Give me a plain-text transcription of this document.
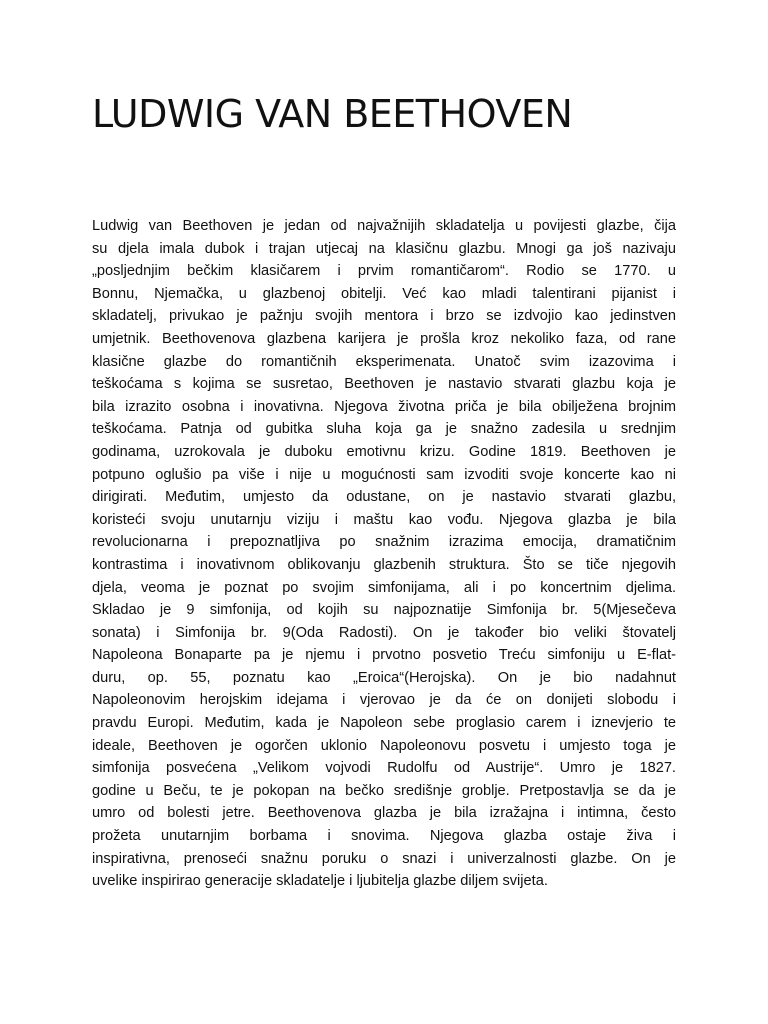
LUDWIG VAN BEETHOVEN
Ludwig van Beethoven je jedan od najvažnijih skladatelja u povijesti glazbe, čija
su djela imala dubok i trajan utjecaj na klasičnu glazbu. Mnogi ga još nazivaju
„posljednjim bečkim klasičarem i prvim romantičarom“. Rodio se 1770. u
Bonnu, Njemačka, u glazbenoj obitelji. Već kao mladi talentirani pijanist i
skladatelj, privukao je pažnju svojih mentora i brzo se izdvojio kao jedinstven
umjetnik. Beethovenova glazbena karijera je prošla kroz nekoliko faza, od rane
klasične glazbe do romantičnih eksperimenata. Unatoč svim izazovima i
teškoćama s kojima se susretao, Beethoven je nastavio stvarati glazbu koja je
bila izrazito osobna i inovativna. Njegova životna priča je bila obilježena brojnim
teškoćama. Patnja od gubitka sluha koja ga je snažno zadesila u srednjim
godinama, uzrokovala je duboku emotivnu krizu. Godine 1819. Beethoven je
potpuno oglušio pa više i nije u mogućnosti sam izvoditi svoje koncerte kao ni
dirigirati. Međutim, umjesto da odustane, on je nastavio stvarati glazbu,
koristeći svoju unutarnju viziju i maštu kao vođu. Njegova glazba je bila
revolucionarna i prepoznatljiva po snažnim izrazima emocija, dramatičnim
kontrastima i inovativnom oblikovanju glazbenih struktura. Što se tiče njegovih
djela, veoma je poznat po svojim simfonijama, ali i po koncertnim djelima.
Skladao je 9 simfonija, od kojih su najpoznatije Simfonija br. 5(Mjesečeva
sonata) i Simfonija br. 9(Oda Radosti). On je također bio veliki štovatelj
Napoleona Bonaparte pa je njemu i prvotno posvetio Treću simfoniju u E-flat-
duru, op. 55, poznatu kao „Eroica“(Herojska). On je bio nadahnut
Napoleonovim herojskim idejama i vjerovao je da će on donijeti slobodu i
pravdu Europi. Međutim, kada je Napoleon sebe proglasio carem i iznevjerio te
ideale, Beethoven je ogorčen uklonio Napoleonovu posvetu i umjesto toga je
simfonija posvećena „Velikom vojvodi Rudolfu od Austrije“. Umro je 1827.
godine u Beču, te je pokopan na bečko središnje groblje. Pretpostavlja se da je
umro od bolesti jetre. Beethovenova glazba je bila izražajna i intimna, često
prožeta unutarnjim borbama i snovima. Njegova glazba ostaje živa i
inspirativna, prenoseći snažnu poruku o snazi i univerzalnosti glazbe. On je
uvelike inspirirao generacije skladatelje i ljubitelja glazbe diljem svijeta.
